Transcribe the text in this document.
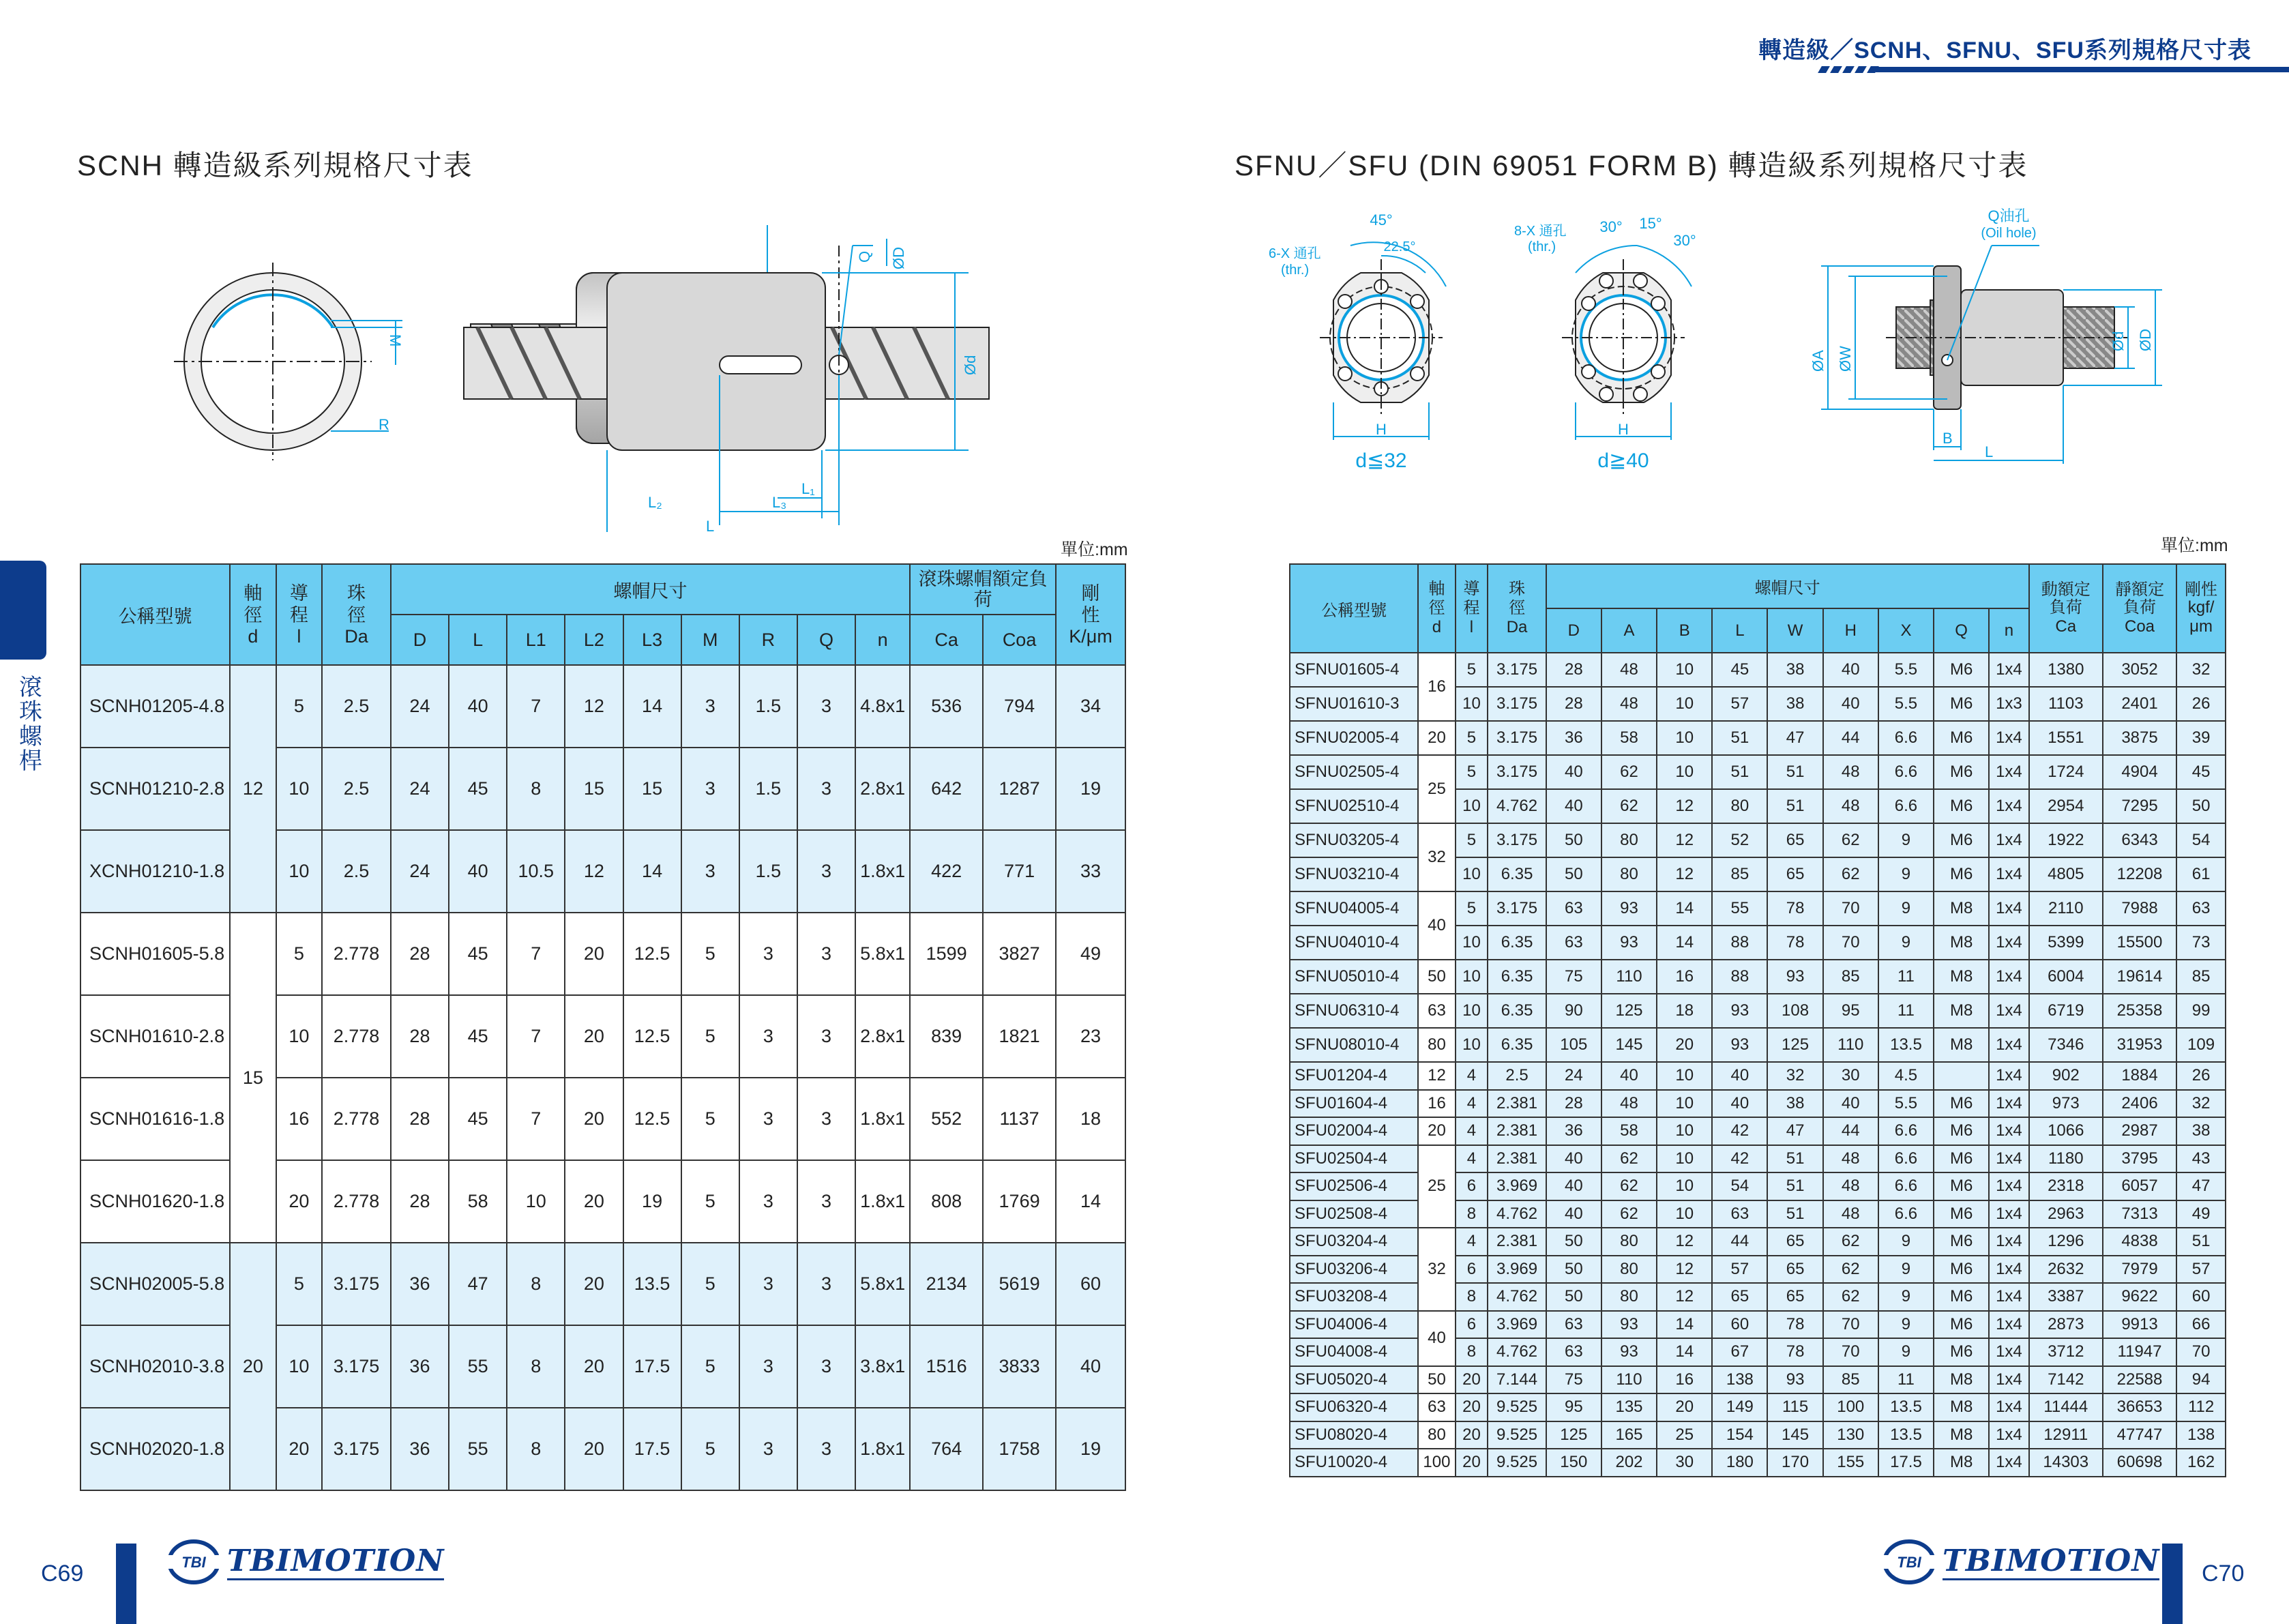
轉造級／SCNH、SFNU、SFU系列規格尺寸表
滾珠螺桿
SCNH 轉造級系列規格尺寸表	SFNU／SFU (DIN 69051 FORM B) 轉造級系列規格尺寸表
M
R
ØD
Q
Ød
L₁
L₃
L₂
L
45°
22.5°
6-X 通孔
(thr.)
H
d≦32
30° 15°
30°
8-X 通孔
(thr.)
H
d≧40
ØA ØW
Ød ØD
Q油孔
(Oil hole)
B
L
單位:mm	單位:mm
公稱型號	軸徑
d	導程
l	珠徑
Da	螺帽尺寸									滾珠螺帽額定負荷		剛性
K/μm
				D	L	L1	L2	L3	M	R	Q	n	Ca	Coa	
SCNH01205-4.8	12	5	2.5	24	40	7	12	14	3	1.5	3	4.8x1	536	794	34
SCNH01210-2.8		10	2.5	24	45	8	15	15	3	1.5	3	2.8x1	642	1287	19
XCNH01210-1.8		10	2.5	24	40	10.5	12	14	3	1.5	3	1.8x1	422	771	33
SCNH01605-5.8	15	5	2.778	28	45	7	20	12.5	5	3	3	5.8x1	1599	3827	49
SCNH01610-2.8		10	2.778	28	45	7	20	12.5	5	3	3	2.8x1	839	1821	23
SCNH01616-1.8		16	2.778	28	45	7	20	12.5	5	3	3	1.8x1	552	1137	18
SCNH01620-1.8		20	2.778	28	58	10	20	19	5	3	3	1.8x1	808	1769	14
SCNH02005-5.8	20	5	3.175	36	47	8	20	13.5	5	3	3	5.8x1	2134	5619	60
SCNH02010-3.8		10	3.175	36	55	8	20	17.5	5	3	3	3.8x1	1516	3833	40
SCNH02020-1.8		20	3.175	36	55	8	20	17.5	5	3	3	1.8x1	764	1758	19
公稱型號	軸徑
d	導程
l	珠徑
Da	螺帽尺寸									動額定負荷
Ca	靜額定負荷
Coa	剛性kgf/
μm
				D	A	B	L	W	H	X	Q	n			
SFNU01605-4	16	5	3.175	28	48	10	45	38	40	5.5	M6	1x4	1380	3052	32
SFNU01610-3		10	3.175	28	48	10	57	38	40	5.5	M6	1x3	1103	2401	26
SFNU02005-4	20	5	3.175	36	58	10	51	47	44	6.6	M6	1x4	1551	3875	39
SFNU02505-4	25	5	3.175	40	62	10	51	51	48	6.6	M6	1x4	1724	4904	45
SFNU02510-4		10	4.762	40	62	12	80	51	48	6.6	M6	1x4	2954	7295	50
SFNU03205-4	32	5	3.175	50	80	12	52	65	62	9	M6	1x4	1922	6343	54
SFNU03210-4		10	6.35	50	80	12	85	65	62	9	M6	1x4	4805	12208	61
SFNU04005-4	40	5	3.175	63	93	14	55	78	70	9	M8	1x4	2110	7988	63
SFNU04010-4		10	6.35	63	93	14	88	78	70	9	M8	1x4	5399	15500	73
SFNU05010-4	50	10	6.35	75	110	16	88	93	85	11	M8	1x4	6004	19614	85
SFNU06310-4	63	10	6.35	90	125	18	93	108	95	11	M8	1x4	6719	25358	99
SFNU08010-4	80	10	6.35	105	145	20	93	125	110	13.5	M8	1x4	7346	31953	109
SFU01204-4	12	4	2.5	24	40	10	40	32	30	4.5		1x4	902	1884	26
SFU01604-4	16	4	2.381	28	48	10	40	38	40	5.5	M6	1x4	973	2406	32
SFU02004-4	20	4	2.381	36	58	10	42	47	44	6.6	M6	1x4	1066	2987	38
SFU02504-4	25	4	2.381	40	62	10	42	51	48	6.6	M6	1x4	1180	3795	43
SFU02506-4		6	3.969	40	62	10	54	51	48	6.6	M6	1x4	2318	6057	47
SFU02508-4		8	4.762	40	62	10	63	51	48	6.6	M6	1x4	2963	7313	49
SFU03204-4	32	4	2.381	50	80	12	44	65	62	9	M6	1x4	1296	4838	51
SFU03206-4		6	3.969	50	80	12	57	65	62	9	M6	1x4	2632	7979	57
SFU03208-4		8	4.762	50	80	12	65	65	62	9	M6	1x4	3387	9622	60
SFU04006-4	40	6	3.969	63	93	14	60	78	70	9	M6	1x4	2873	9913	66
SFU04008-4		8	4.762	63	93	14	67	78	70	9	M6	1x4	3712	11947	70
SFU05020-4	50	20	7.144	75	110	16	138	93	85	11	M8	1x4	7142	22588	94
SFU06320-4	63	20	9.525	95	135	20	149	115	100	13.5	M8	1x4	11444	36653	112
SFU08020-4	80	20	9.525	125	165	25	154	145	130	13.5	M8	1x4	12911	47747	138
SFU10020-4	100	20	9.525	150	202	30	180	170	155	17.5	M8	1x4	14303	60698	162
C69	TBI TBIMOTION	TBI TBIMOTION C70
